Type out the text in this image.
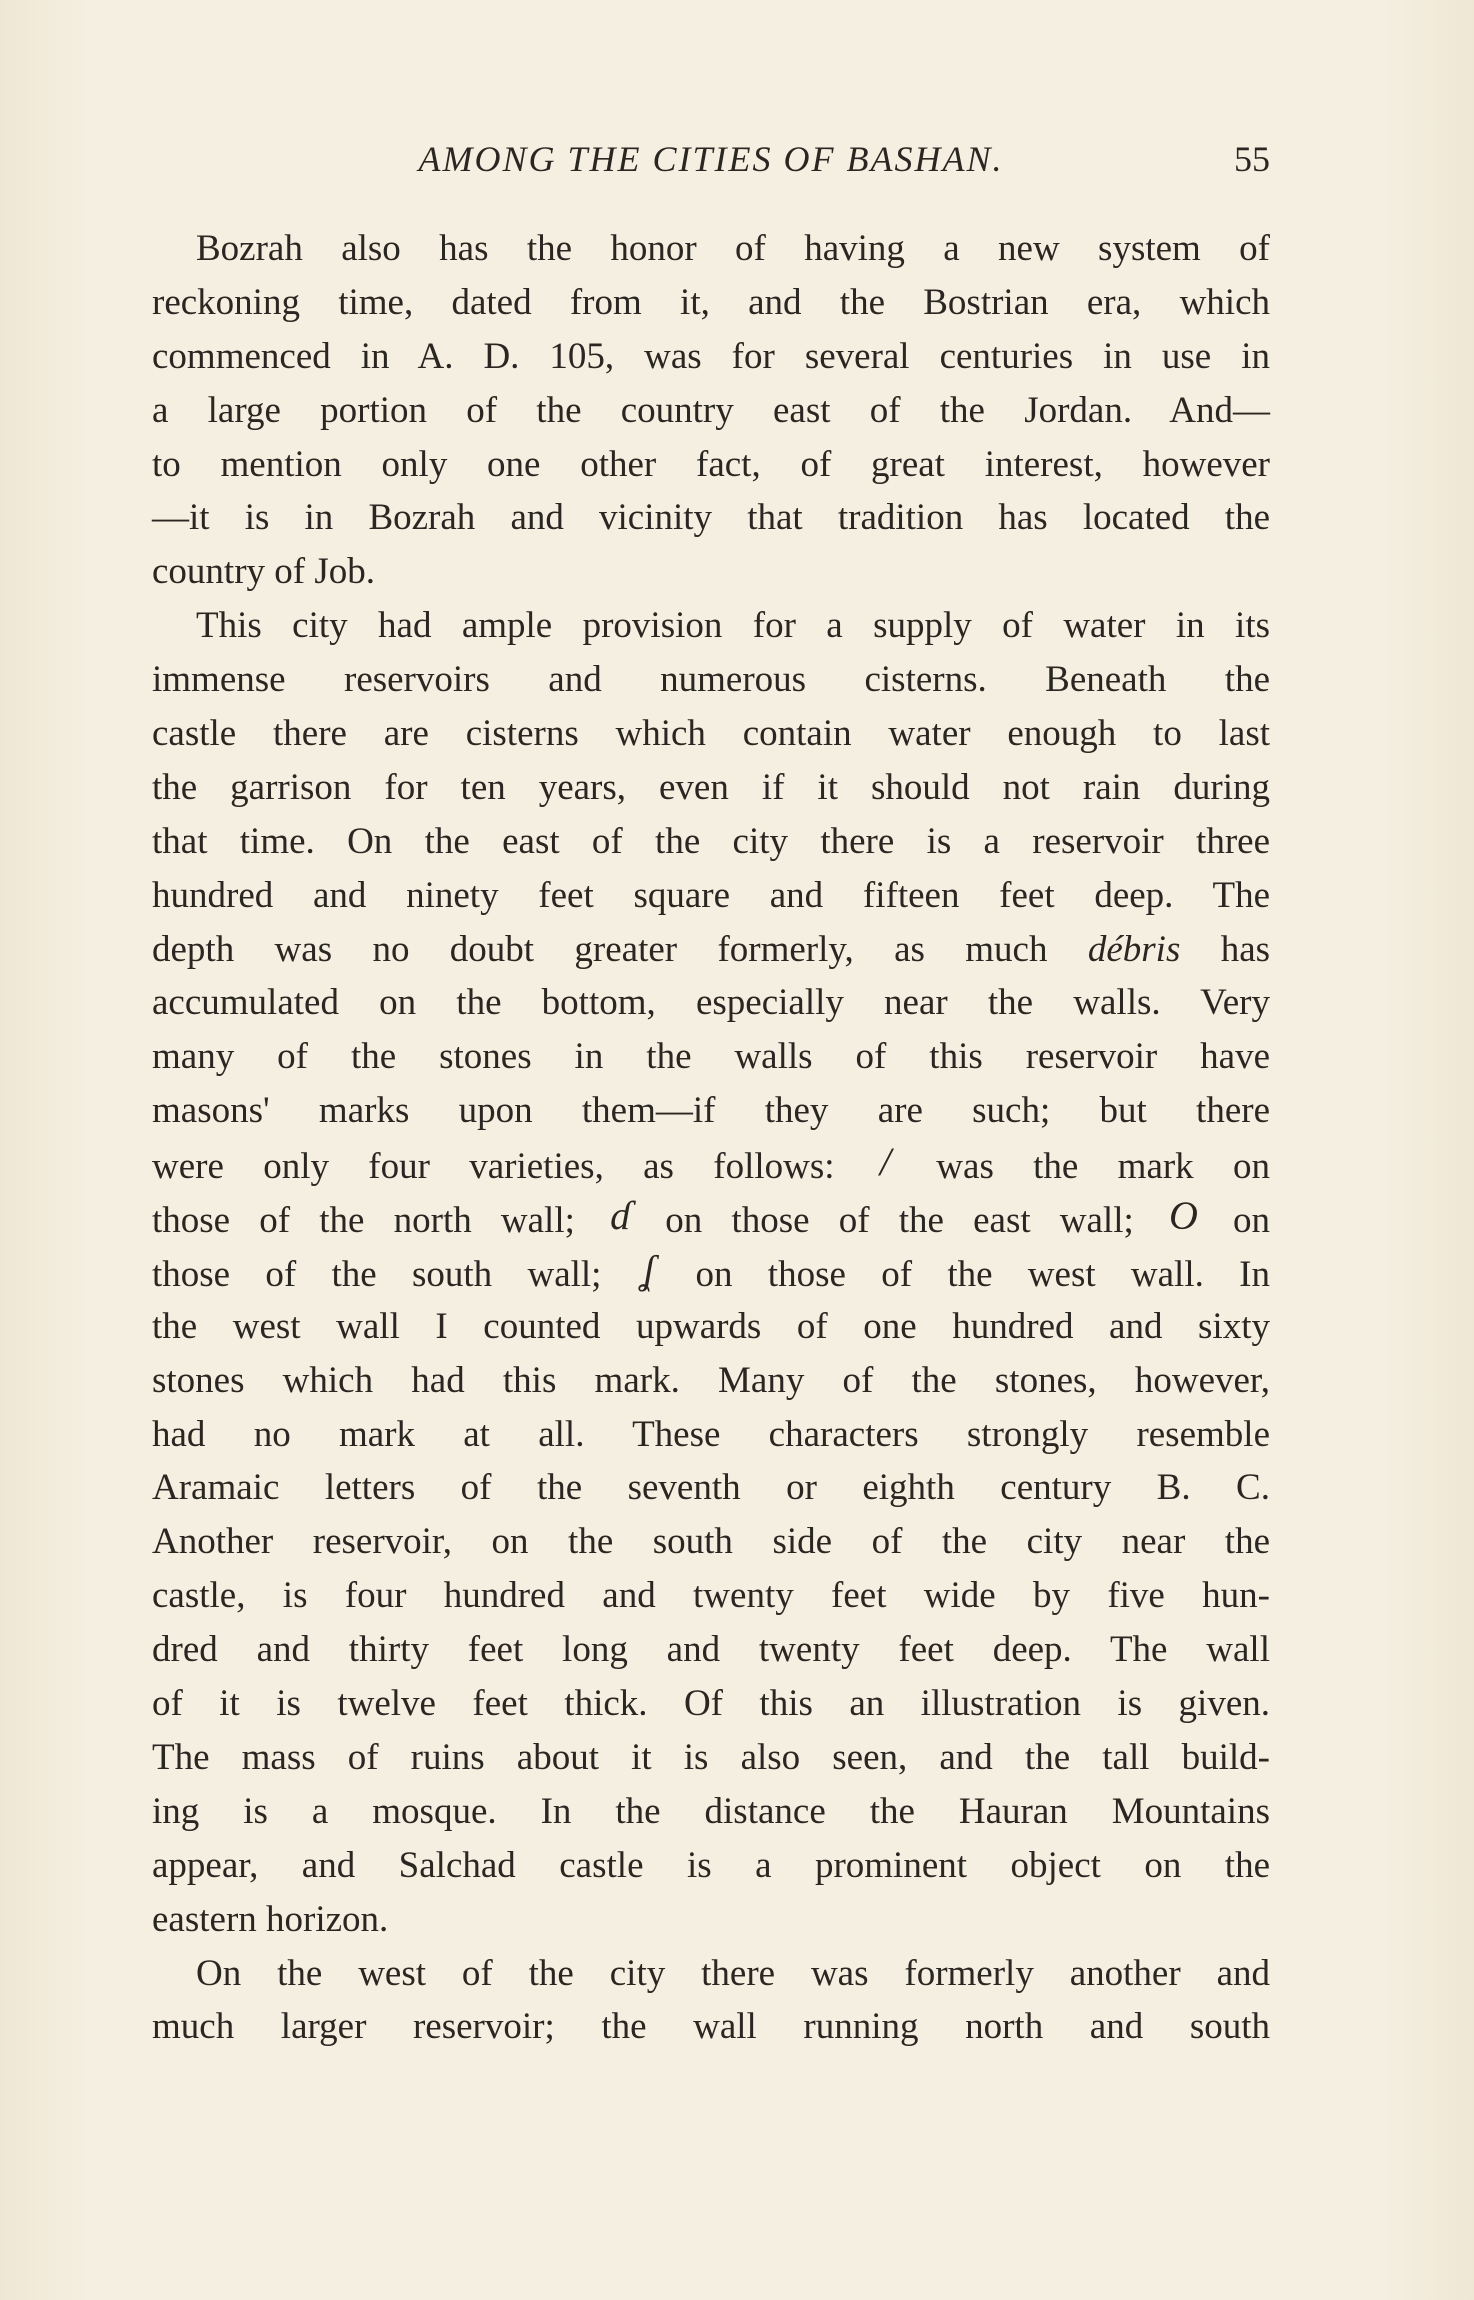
AMONG THE CITIES OF BASHAN.	55
Bozrah also has the honor of having a new system of
reckoning time, dated from it, and the Bostrian era, which
commenced in A. D. 105, was for several centuries in use in
a large portion of the country east of the Jordan. And—
to mention only one other fact, of great interest, however
—it is in Bozrah and vicinity that tradition has located the
country of Job.
This city had ample provision for a supply of water in its
immense reservoirs and numerous cisterns. Beneath the
castle there are cisterns which contain water enough to last
the garrison for ten years, even if it should not rain during
that time. On the east of the city there is a reservoir three
hundred and ninety feet square and fifteen feet deep. The
depth was no doubt greater formerly, as much débris has
accumulated on the bottom, especially near the walls. Very
many of the stones in the walls of this reservoir have
masons' marks upon them—if they are such; but there
were only four varieties, as follows: / was the mark on
those of the north wall; ɗ on those of the east wall; O on
those of the south wall; ʆ on those of the west wall. In
the west wall I counted upwards of one hundred and sixty
stones which had this mark. Many of the stones, however,
had no mark at all. These characters strongly resemble
Aramaic letters of the seventh or eighth century B. C.
Another reservoir, on the south side of the city near the
castle, is four hundred and twenty feet wide by five hun-
dred and thirty feet long and twenty feet deep. The wall
of it is twelve feet thick. Of this an illustration is given.
The mass of ruins about it is also seen, and the tall build-
ing is a mosque. In the distance the Hauran Mountains
appear, and Salchad castle is a prominent object on the
eastern horizon.
On the west of the city there was formerly another and
much larger reservoir; the wall running north and south
